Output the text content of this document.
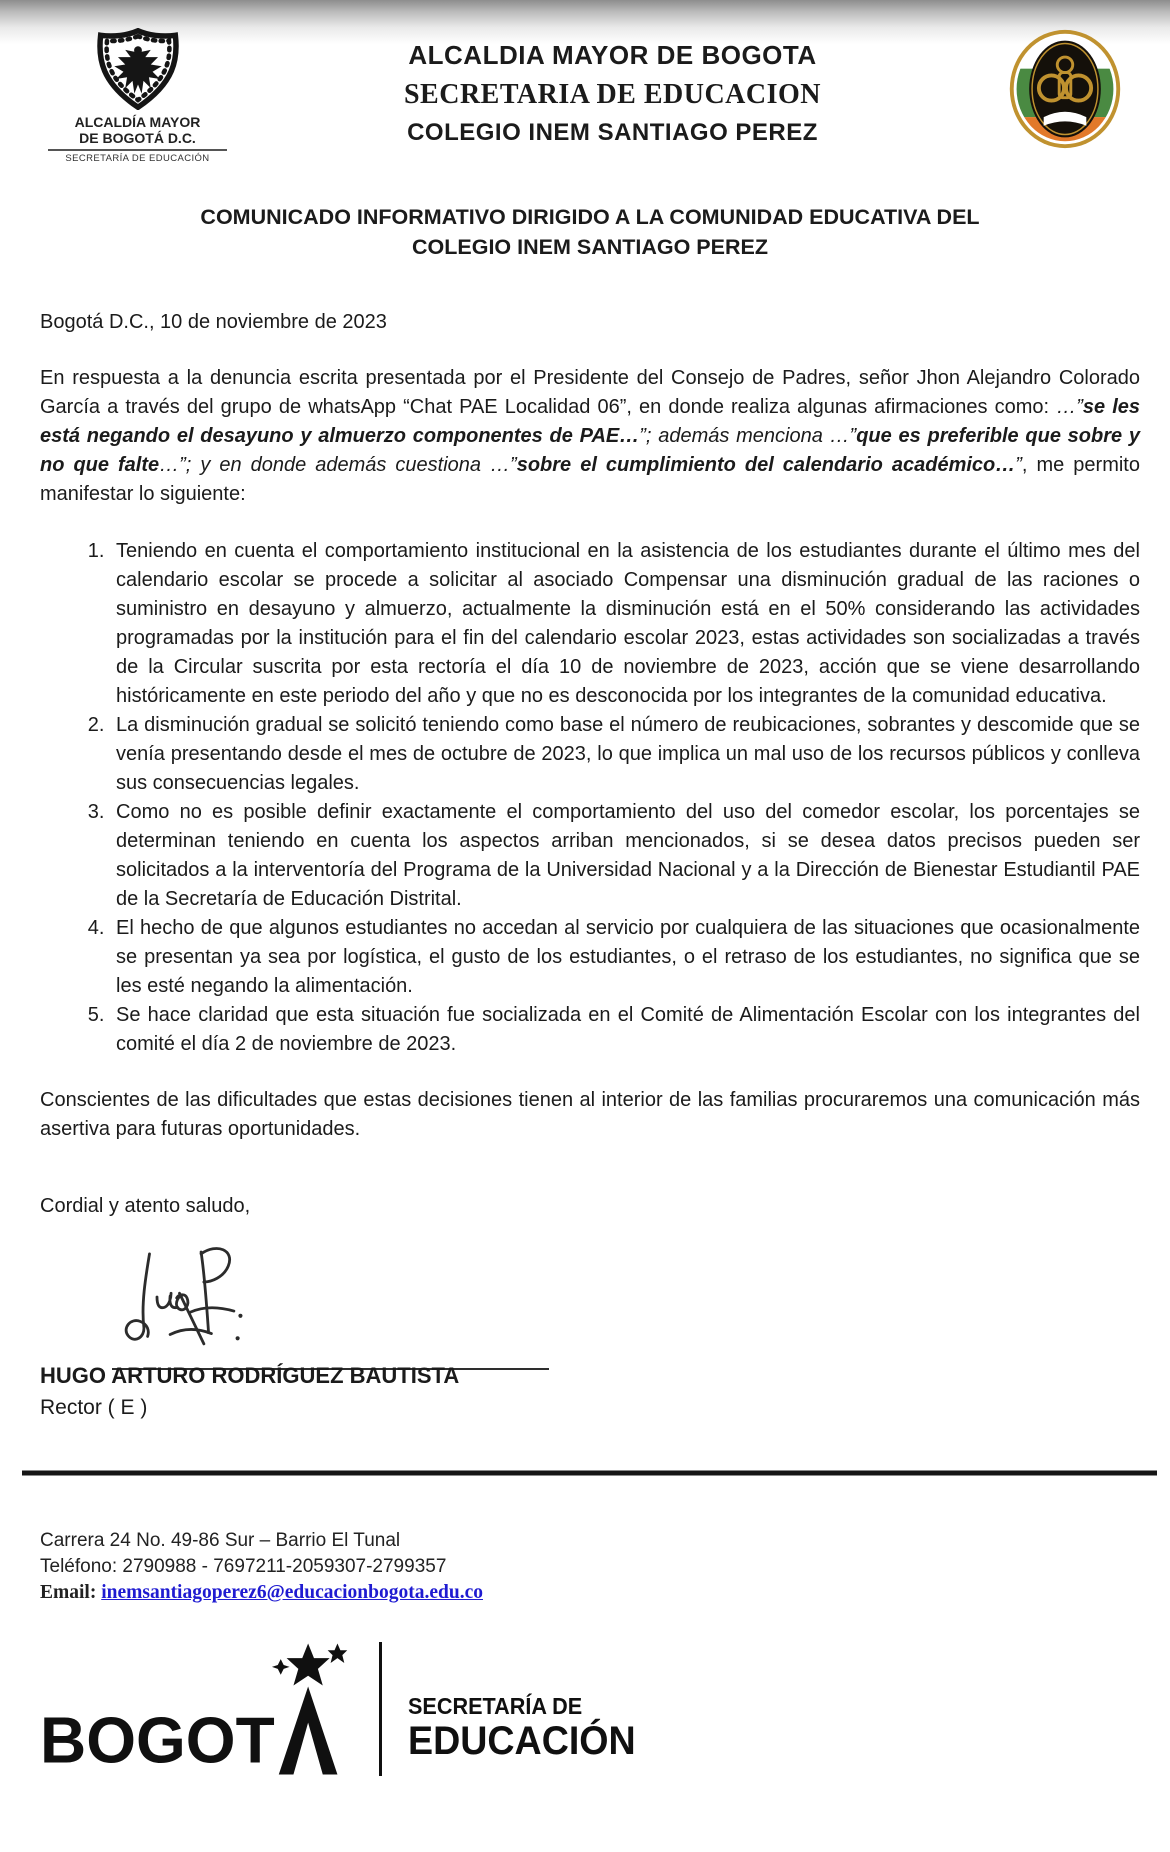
ALCALDÍA MAYOR
DE BOGOTÁ D.C.
SECRETARÍA DE EDUCACIÓN
ALCALDIA MAYOR DE BOGOTA
SECRETARIA DE EDUCACION
COLEGIO INEM SANTIAGO PEREZ
COMUNICADO INFORMATIVO DIRIGIDO A LA COMUNIDAD EDUCATIVA DEL
COLEGIO INEM SANTIAGO PEREZ
Bogotá D.C., 10 de noviembre de 2023

En respuesta a la denuncia escrita presentada por el Presidente del Consejo de Padres, señor Jhon Alejandro Colorado García a través del grupo de whatsApp “Chat PAE Localidad 06”, en donde realiza algunas afirmaciones como: …”se les está negando el desayuno y almuerzo componentes de PAE…”; además menciona …”que es preferible que sobre y no que falte…”; y en donde además cuestiona …”sobre el cumplimiento del calendario académico…”, me permito manifestar lo siguiente:

1. Teniendo en cuenta el comportamiento institucional en la asistencia de los estudiantes durante el último mes del calendario escolar se procede a solicitar al asociado Compensar una disminución gradual de las raciones o suministro en desayuno y almuerzo, actualmente la disminución está en el 50% considerando las actividades programadas por la institución para el fin del calendario escolar 2023, estas actividades son socializadas a través de la Circular suscrita por esta rectoría el día 10 de noviembre de 2023, acción que se viene desarrollando históricamente en este periodo del año y que no es desconocida por los integrantes de la comunidad educativa.
2. La disminución gradual se solicitó teniendo como base el número de reubicaciones, sobrantes y descomide que se venía presentando desde el mes de octubre de 2023, lo que implica un mal uso de los recursos públicos y conlleva sus consecuencias legales.
3. Como no es posible definir exactamente el comportamiento del uso del comedor escolar, los porcentajes se determinan teniendo en cuenta los aspectos arriban mencionados, si se desea datos precisos pueden ser solicitados a la interventoría del Programa de la Universidad Nacional y a la Dirección de Bienestar Estudiantil PAE de la Secretaría de Educación Distrital.
4. El hecho de que algunos estudiantes no accedan al servicio por cualquiera de las situaciones que ocasionalmente se presentan ya sea por logística, el gusto de los estudiantes, o el retraso de los estudiantes, no significa que se les esté negando la alimentación.
5. Se hace claridad que esta situación fue socializada en el Comité de Alimentación Escolar con los integrantes del comité el día 2 de noviembre de 2023.

Conscientes de las dificultades que estas decisiones tienen al interior de las familias procuraremos una comunicación más asertiva para futuras oportunidades.

Cordial y atento saludo,
HUGO ARTURO RODRÍGUEZ BAUTISTA
Rector ( E )
Carrera 24 No. 49-86 Sur – Barrio El Tunal
Teléfono: 2790988 - 7697211-2059307-2799357
Email: inemsantiagoperez6@educacionbogota.edu.co
BOGOT	SECRETARÍA DE
EDUCACIÓN
